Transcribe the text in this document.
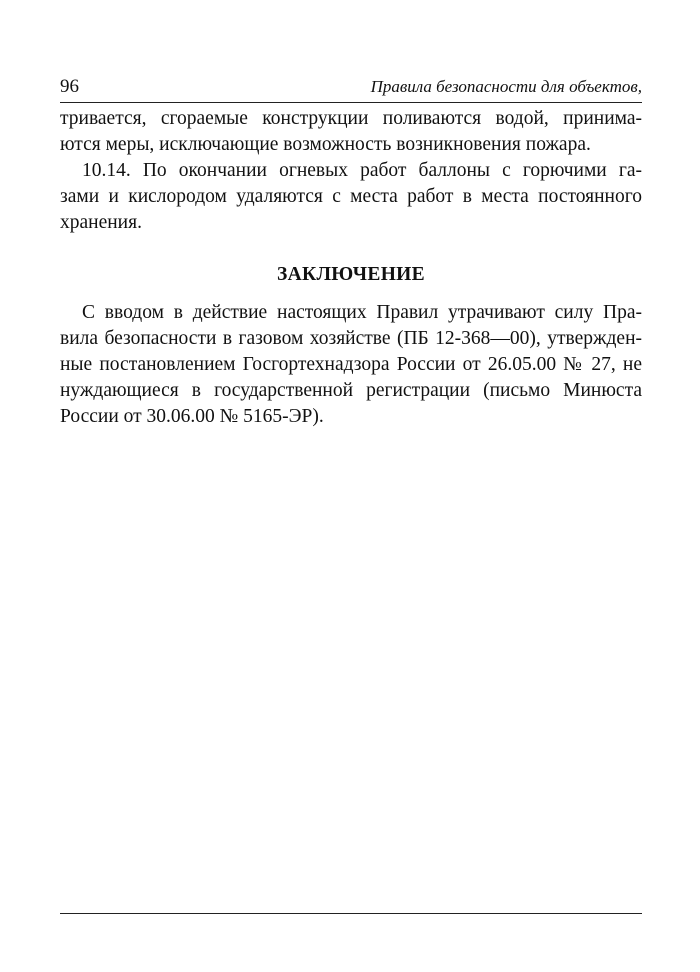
96	Правила безопасности для объектов,

тривается, сгораемые конструкции поливаются водой, принима-
ются меры, исключающие возможность возникновения пожара.

10.14. По окончании огневых работ баллоны с горючими га-
зами и кислородом удаляются с места работ в места постоянного
хранения.

ЗАКЛЮЧЕНИЕ

С вводом в действие настоящих Правил утрачивают силу Пра-
вила безопасности в газовом хозяйстве (ПБ 12-368—00), утвержден-
ные постановлением Госгортехнадзора России от 26.05.00 № 27, не
нуждающиеся в государственной регистрации (письмо Минюста
России от 30.06.00 № 5165-ЭР).
